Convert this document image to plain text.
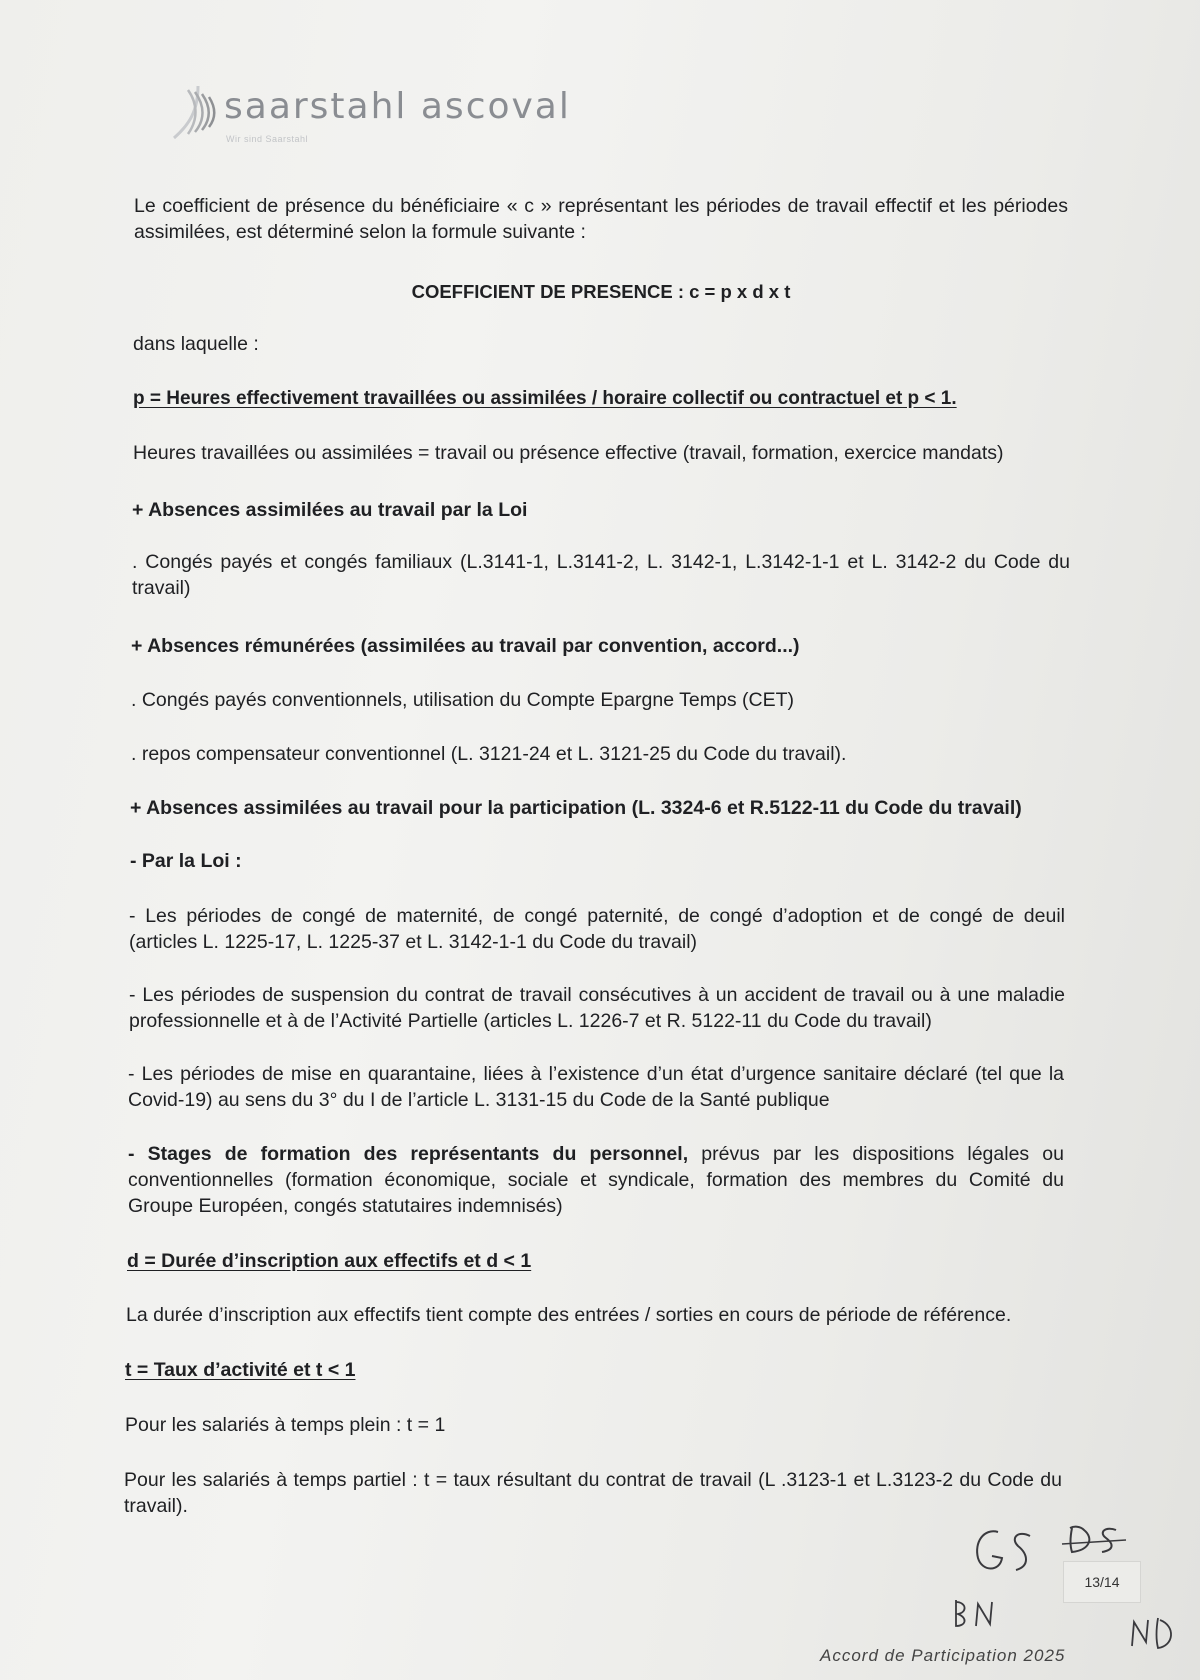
saarstahl ascoval
Wir sind Saarstahl

Le coefficient de présence du bénéficiaire « c » représentant les périodes de travail effectif et les périodes assimilées, est déterminé selon la formule suivante :

COEFFICIENT DE PRESENCE : c = p x d x t

dans laquelle :

p = Heures effectivement travaillées ou assimilées / horaire collectif ou contractuel et p < 1.

Heures travaillées ou assimilées = travail ou présence effective (travail, formation, exercice mandats)

+ Absences assimilées au travail par la Loi

. Congés payés et congés familiaux (L.3141-1, L.3141-2, L. 3142-1, L.3142-1-1 et L. 3142-2 du Code du travail)

+ Absences rémunérées (assimilées au travail par convention, accord...)

. Congés payés conventionnels, utilisation du Compte Epargne Temps (CET)

. repos compensateur conventionnel (L. 3121-24 et L. 3121-25 du Code du travail).

+ Absences assimilées au travail pour la participation (L. 3324-6 et R.5122-11 du Code du travail)

- Par la Loi :

- Les périodes de congé de maternité, de congé paternité, de congé d’adoption et de congé de deuil (articles L. 1225-17, L. 1225-37 et L. 3142-1-1 du Code du travail)

- Les périodes de suspension du contrat de travail consécutives à un accident de travail ou à une maladie professionnelle et à de l’Activité Partielle (articles L. 1226-7 et R. 5122-11 du Code du travail)

- Les périodes de mise en quarantaine, liées à l’existence d’un état d’urgence sanitaire déclaré (tel que la Covid-19) au sens du 3° du I de l’article L. 3131-15 du Code de la Santé publique

- Stages de formation des représentants du personnel, prévus par les dispositions légales ou conventionnelles (formation économique, sociale et syndicale, formation des membres du Comité du Groupe Européen, congés statutaires indemnisés)

d = Durée d’inscription aux effectifs et d < 1

La durée d’inscription aux effectifs tient compte des entrées / sorties en cours de période de référence.

t = Taux d’activité et t < 1

Pour les salariés à temps plein : t = 1

Pour les salariés à temps partiel : t = taux résultant du contrat de travail (L .3123-1 et L.3123-2 du Code du travail).

13/14
Accord de Participation 2025
